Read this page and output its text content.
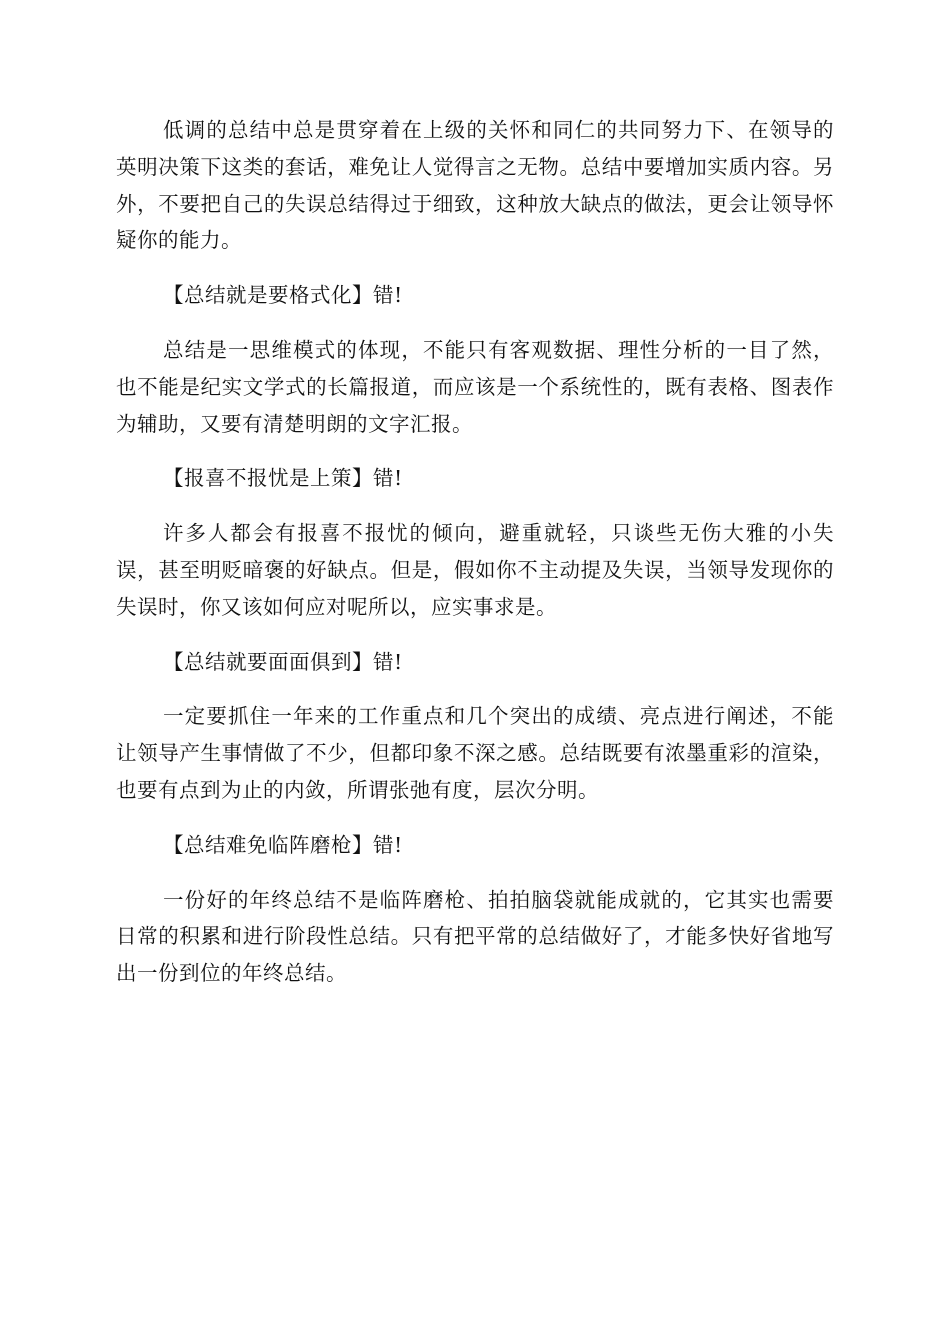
低调的总结中总是贯穿着在上级的关怀和同仁的共同努力下、在领导的英明决策下这类的套话，难免让人觉得言之无物。总结中要增加实质内容。另外，不要把自己的失误总结得过于细致，这种放大缺点的做法，更会让领导怀疑你的能力。

【总结就是要格式化】错!

总结是一思维模式的体现，不能只有客观数据、理性分析的一目了然，也不能是纪实文学式的长篇报道，而应该是一个系统性的，既有表格、图表作为辅助，又要有清楚明朗的文字汇报。

【报喜不报忧是上策】错!

许多人都会有报喜不报忧的倾向，避重就轻，只谈些无伤大雅的小失误，甚至明贬暗褒的好缺点。但是，假如你不主动提及失误，当领导发现你的失误时，你又该如何应对呢所以，应实事求是。

【总结就要面面俱到】错!

一定要抓住一年来的工作重点和几个突出的成绩、亮点进行阐述，不能让领导产生事情做了不少，但都印象不深之感。总结既要有浓墨重彩的渲染，也要有点到为止的内敛，所谓张弛有度，层次分明。

【总结难免临阵磨枪】错!

一份好的年终总结不是临阵磨枪、拍拍脑袋就能成就的，它其实也需要日常的积累和进行阶段性总结。只有把平常的总结做好了，才能多快好省地写出一份到位的年终总结。
